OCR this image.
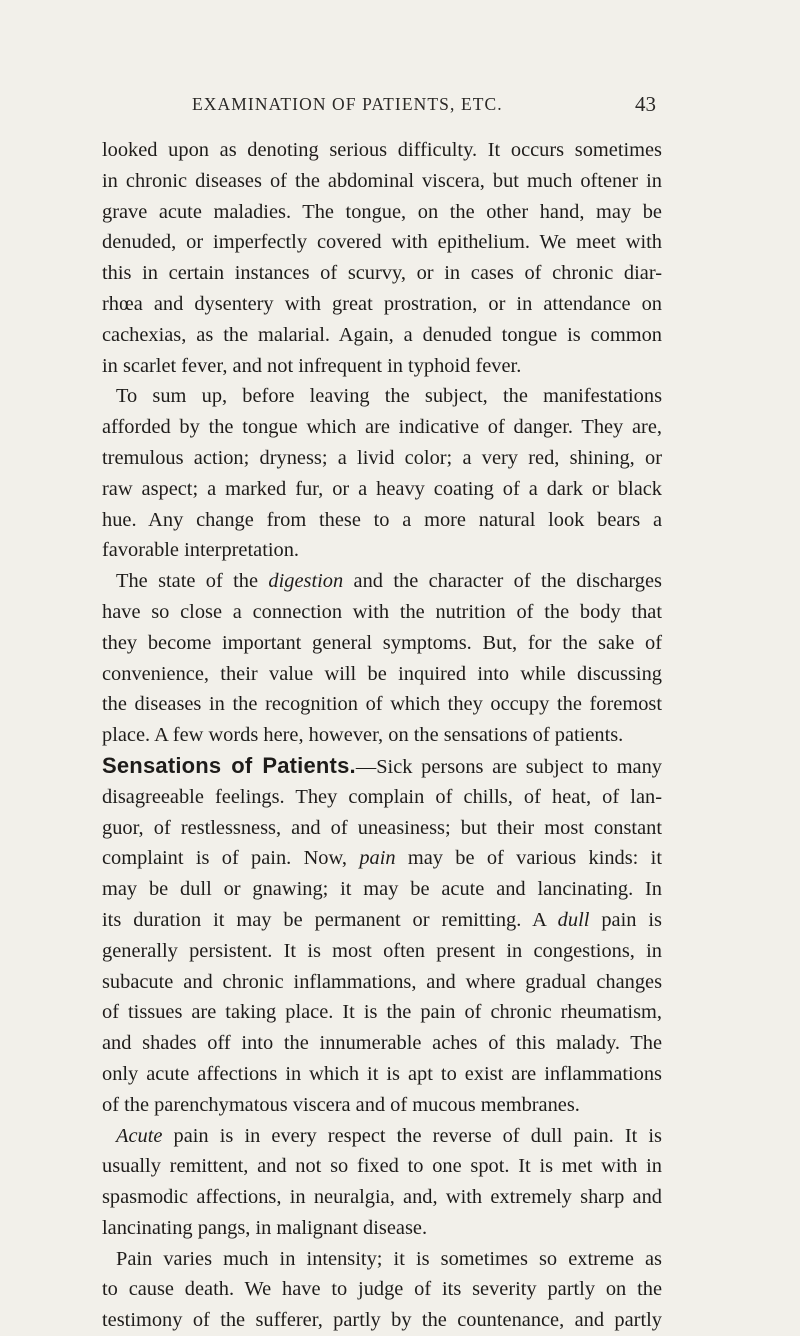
EXAMINATION OF PATIENTS, ETC.	43
looked upon as denoting serious difficulty. It occurs sometimes
in chronic diseases of the abdominal viscera, but much oftener in
grave acute maladies. The tongue, on the other hand, may be
denuded, or imperfectly covered with epithelium. We meet with
this in certain instances of scurvy, or in cases of chronic diar-
rhœa and dysentery with great prostration, or in attendance on
cachexias, as the malarial. Again, a denuded tongue is common
in scarlet fever, and not infrequent in typhoid fever.
To sum up, before leaving the subject, the manifestations
afforded by the tongue which are indicative of danger. They are,
tremulous action; dryness; a livid color; a very red, shining, or
raw aspect; a marked fur, or a heavy coating of a dark or black
hue. Any change from these to a more natural look bears a
favorable interpretation.
The state of the digestion and the character of the discharges
have so close a connection with the nutrition of the body that
they become important general symptoms. But, for the sake of
convenience, their value will be inquired into while discussing
the diseases in the recognition of which they occupy the foremost
place. A few words here, however, on the sensations of patients.
Sensations of Patients.—Sick persons are subject to many
disagreeable feelings. They complain of chills, of heat, of lan-
guor, of restlessness, and of uneasiness; but their most constant
complaint is of pain. Now, pain may be of various kinds: it
may be dull or gnawing; it may be acute and lancinating. In
its duration it may be permanent or remitting. A dull pain is
generally persistent. It is most often present in congestions, in
subacute and chronic inflammations, and where gradual changes
of tissues are taking place. It is the pain of chronic rheumatism,
and shades off into the innumerable aches of this malady. The
only acute affections in which it is apt to exist are inflammations
of the parenchymatous viscera and of mucous membranes.
Acute pain is in every respect the reverse of dull pain. It is
usually remittent, and not so fixed to one spot. It is met with in
spasmodic affections, in neuralgia, and, with extremely sharp and
lancinating pangs, in malignant disease.
Pain varies much in intensity; it is sometimes so extreme as
to cause death. We have to judge of its severity partly on the
testimony of the sufferer, partly by the countenance, and partly
